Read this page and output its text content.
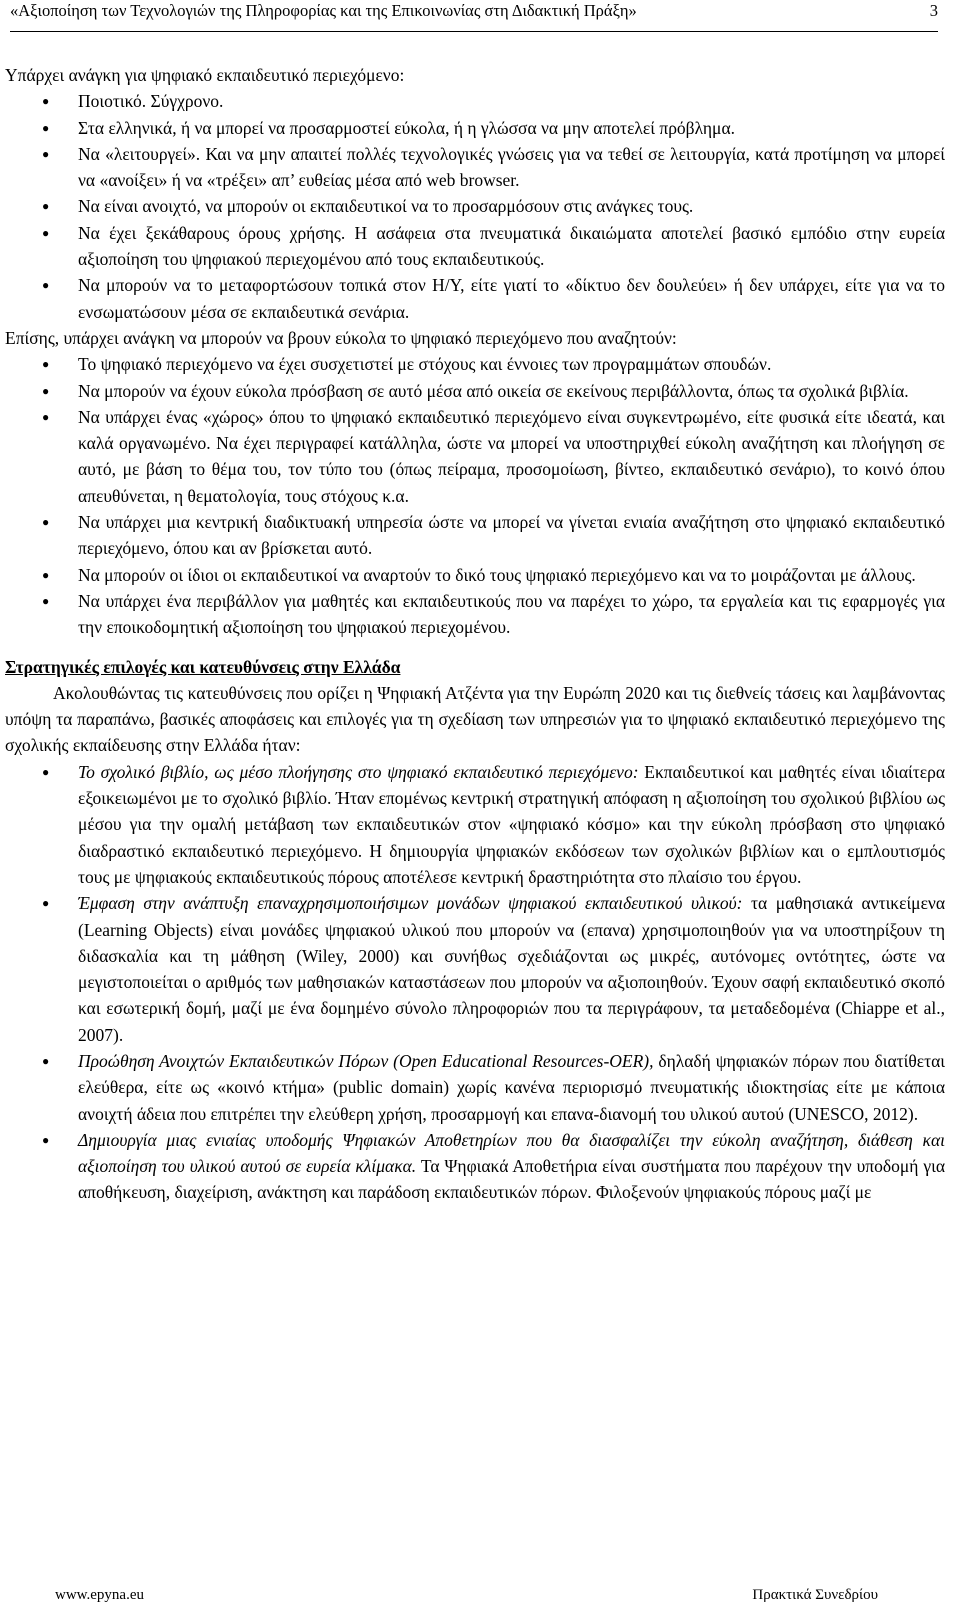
«Αξιοποίηση των Τεχνολογιών της Πληροφορίας και της Επικοινωνίας στη Διδακτική Πράξη»	3

Υπάρχει ανάγκη για ψηφιακό εκπαιδευτικό περιεχόμενο:

● Ποιοτικό. Σύγχρονο.
● Στα ελληνικά, ή να μπορεί να προσαρμοστεί εύκολα, ή η γλώσσα να μην αποτελεί πρόβλημα.
● Να «λειτουργεί». Και να μην απαιτεί πολλές τεχνολογικές γνώσεις για να τεθεί σε λειτουργία, κατά προτίμηση να μπορεί να «ανοίξει» ή να «τρέξει» απ’ ευθείας μέσα από web browser.
● Να είναι ανοιχτό, να μπορούν οι εκπαιδευτικοί να το προσαρμόσουν στις ανάγκες τους.
● Να έχει ξεκάθαρους όρους χρήσης. Η ασάφεια στα πνευματικά δικαιώματα αποτελεί βασικό εμπόδιο στην ευρεία αξιοποίηση του ψηφιακού περιεχομένου από τους εκπαιδευτικούς.
● Να μπορούν να το μεταφορτώσουν τοπικά στον Η/Υ, είτε γιατί το «δίκτυο δεν δουλεύει» ή δεν υπάρχει, είτε για να το ενσωματώσουν μέσα σε εκπαιδευτικά σενάρια.

Επίσης, υπάρχει ανάγκη να μπορούν να βρουν εύκολα το ψηφιακό περιεχόμενο που αναζητούν:

● Το ψηφιακό περιεχόμενο να έχει συσχετιστεί με στόχους και έννοιες των προγραμμάτων σπουδών.
● Να μπορούν να έχουν εύκολα πρόσβαση σε αυτό μέσα από οικεία σε εκείνους περιβάλλοντα, όπως τα σχολικά βιβλία.
● Να υπάρχει ένας «χώρος» όπου το ψηφιακό εκπαιδευτικό περιεχόμενο είναι συγκεντρωμένο, είτε φυσικά είτε ιδεατά, και καλά οργανωμένο. Να έχει περιγραφεί κατάλληλα, ώστε να μπορεί να υποστηριχθεί εύκολη αναζήτηση και πλοήγηση σε αυτό, με βάση το θέμα του, τον τύπο του (όπως πείραμα, προσομοίωση, βίντεο, εκπαιδευτικό σενάριο), το κοινό όπου απευθύνεται, η θεματολογία, τους στόχους κ.α.
● Να υπάρχει μια κεντρική διαδικτυακή υπηρεσία ώστε να μπορεί να γίνεται ενιαία αναζήτηση στο ψηφιακό εκπαιδευτικό περιεχόμενο, όπου και αν βρίσκεται αυτό.
● Να μπορούν οι ίδιοι οι εκπαιδευτικοί να αναρτούν το δικό τους ψηφιακό περιεχόμενο και να το μοιράζονται με άλλους.
● Να υπάρχει ένα περιβάλλον για μαθητές και εκπαιδευτικούς που να παρέχει το χώρο, τα εργαλεία και τις εφαρμογές για την εποικοδομητική αξιοποίηση του ψηφιακού περιεχομένου.

Στρατηγικές επιλογές και κατευθύνσεις στην Ελλάδα

Ακολουθώντας τις κατευθύνσεις που ορίζει η Ψηφιακή Ατζέντα για την Ευρώπη 2020 και τις διεθνείς τάσεις και λαμβάνοντας υπόψη τα παραπάνω, βασικές αποφάσεις και επιλογές για τη σχεδίαση των υπηρεσιών για το ψηφιακό εκπαιδευτικό περιεχόμενο της σχολικής εκπαίδευσης στην Ελλάδα ήταν:

● Το σχολικό βιβλίο, ως μέσο πλοήγησης στο ψηφιακό εκπαιδευτικό περιεχόμενο: Εκπαιδευτικοί και μαθητές είναι ιδιαίτερα εξοικειωμένοι με το σχολικό βιβλίο. Ήταν επομένως κεντρική στρατηγική απόφαση η αξιοποίηση του σχολικού βιβλίου ως μέσου για την ομαλή μετάβαση των εκπαιδευτικών στον «ψηφιακό κόσμο» και την εύκολη πρόσβαση στο ψηφιακό διαδραστικό εκπαιδευτικό περιεχόμενο. Η δημιουργία ψηφιακών εκδόσεων των σχολικών βιβλίων και ο εμπλουτισμός τους με ψηφιακούς εκπαιδευτικούς πόρους αποτέλεσε κεντρική δραστηριότητα στο πλαίσιο του έργου.
● Έμφαση στην ανάπτυξη επαναχρησιμοποιήσιμων μονάδων ψηφιακού εκπαιδευτικού υλικού: τα μαθησιακά αντικείμενα (Learning Objects) είναι μονάδες ψηφιακού υλικού που μπορούν να (επανα) χρησιμοποιηθούν για να υποστηρίξουν τη διδασκαλία και τη μάθηση (Wiley, 2000) και συνήθως σχεδιάζονται ως μικρές, αυτόνομες οντότητες, ώστε να μεγιστοποιείται ο αριθμός των μαθησιακών καταστάσεων που μπορούν να αξιοποιηθούν. Έχουν σαφή εκπαιδευτικό σκοπό και εσωτερική δομή, μαζί με ένα δομημένο σύνολο πληροφοριών που τα περιγράφουν, τα μεταδεδομένα (Chiappe et al., 2007).
● Προώθηση Ανοιχτών Εκπαιδευτικών Πόρων (Open Educational Resources-OER), δηλαδή ψηφιακών πόρων που διατίθεται ελεύθερα, είτε ως «κοινό κτήμα» (public domain) χωρίς κανένα περιορισμό πνευματικής ιδιοκτησίας είτε με κάποια ανοιχτή άδεια που επιτρέπει την ελεύθερη χρήση, προσαρμογή και επανα-διανομή του υλικού αυτού (UNESCO, 2012).
● Δημιουργία μιας ενιαίας υποδομής Ψηφιακών Αποθετηρίων που θα διασφαλίζει την εύκολη αναζήτηση, διάθεση και αξιοποίηση του υλικού αυτού σε ευρεία κλίμακα. Τα Ψηφιακά Αποθετήρια είναι συστήματα που παρέχουν την υποδομή για αποθήκευση, διαχείριση, ανάκτηση και παράδοση εκπαιδευτικών πόρων. Φιλοξενούν ψηφιακούς πόρους μαζί με
www.epyna.eu	Πρακτικά Συνεδρίου
